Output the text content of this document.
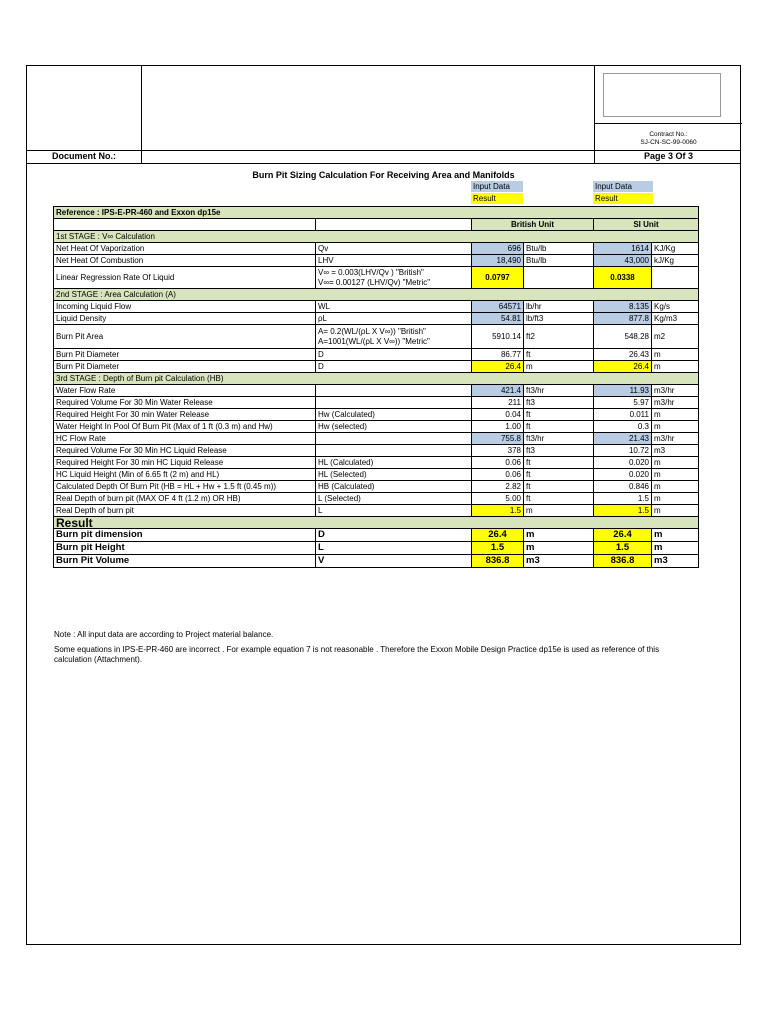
Contract No.:
SJ-CN-SC-99-0060
Document No.:	Page 3 Of 3
Burn Pit Sizing Calculation For Receiving Area and Manifolds
Input Data
Result
Input Data
Result
Reference : IPS-E-PR-460 and Exxon dp15e					
		British Unit		SI Unit	
1st STAGE : V∞ Calculation					
Net Heat Of Vaporization	Qv	696	Btu/lb	1614	KJ/Kg
Net Heat Of Combustion	LHV	18,490	Btu/lb	43,000	kJ/Kg
Linear Regression Rate Of Liquid	V∞ = 0.003(LHV/Qv ) "British"
V∞= 0.00127 (LHV/Qv) "Metric"	0.0797		0.0338	
2nd STAGE : Area Calculation (A)					
Incoming Liquid Flow	WL	64571	lb/hr	8.135	Kg/s
Liquid Density	ρL	54.81	lb/ft3	877.8	Kg/m3
Burn Pit Area	A= 0.2(WL/(ρL X V∞)) "British"
A=1001(WL/(ρL X V∞)) "Metric"	5910.14	ft2	548.28	m2
Burn Pit Diameter	D	86.77	ft	26.43	m
Burn Pit Diameter	D	26.4	m	26.4	m
3rd STAGE : Depth of Burn pit Calculation (HB)					
Water Flow Rate		421.4	ft3/hr	11.93	m3/hr
Required Volume For 30 Min Water Release		211	ft3	5.97	m3/hr
Required Height For 30 min Water Release	Hw (Calculated)	0.04	ft	0.011	m
Water Height In Pool Of Burn Pit (Max of 1 ft (0.3 m) and Hw)	Hw (selected)	1.00	ft	0.3	m
HC Flow Rate		755.8	ft3/hr	21.43	m3/hr
Required Volume For 30 Min HC Liquid Release		378	ft3	10.72	m3
Required Height For 30 min HC Liquid Release	HL (Calculated)	0.06	ft	0.020	m
HC Liquid Height (Min of 6.65 ft (2 m) and HL)	HL (Selected)	0.06	ft	0.020	m
Calculated Depth Of Burn Pit (HB = HL + Hw + 1.5 ft (0.45 m))	HB (Calculated)	2.82	ft	0.846	m
Real Depth of burn pit (MAX OF 4 ft (1.2 m) OR HB)	L (Selected)	5.00	ft	1.5	m
Real Depth of burn pit	L	1.5	m	1.5	m
Result					
Burn pit dimension	D	26.4	m	26.4	m
Burn pit Height	L	1.5	m	1.5	m
Burn Pit Volume	V	836.8	m3	836.8	m3
Note : All input data are according to Project material balance.
Some equations in IPS-E-PR-460 are incorrect . For example equation 7 is not reasonable . Therefore the Exxon Mobile Design Practice dp15e is used as reference of this calculation (Attachment).
